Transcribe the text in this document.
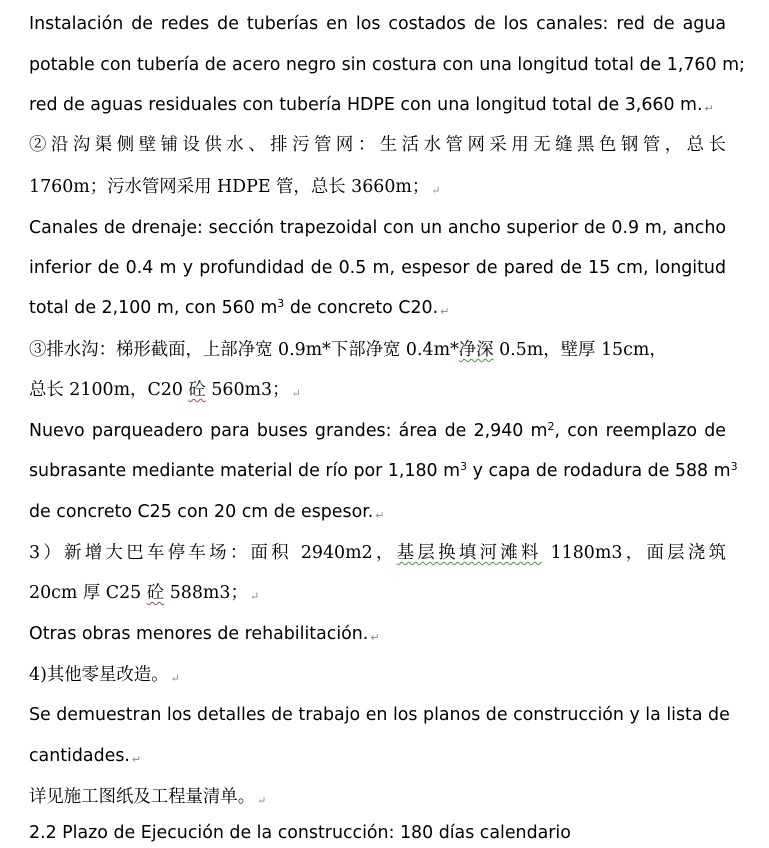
Instalación de redes de tuberías en los costados de los canales: red de agua
potable con tubería de acero negro sin costura con una longitud total de 1,760 m;
red de aguas residuales con tubería HDPE con una longitud total de 3,660 m. ↵
②沿沟渠侧壁铺设供水、排污管网：生活水管网采用无缝黑色钢管，总长
1760m；污水管网采用 HDPE 管，总长 3660m； ↵
Canales de drenaje: sección trapezoidal con un ancho superior de 0.9 m, ancho
inferior de 0.4 m y profundidad de 0.5 m, espesor de pared de 15 cm, longitud
total de 2,100 m, con 560 $m^3$ de concreto C20. ↵
③排水沟：梯形截面，上部净宽 0.9m*下部净宽 0.4m*净深 0.5m，壁厚 15cm，
总长 2100m，C20 砼 560m3； ↵
Nuevo parqueadero para buses grandes: área de 2,940 $m^2$, con reemplazo de
subrasante mediante material de río por 1,180 $m^3$ y capa de rodadura de 588 $m^3$
de concreto C25 con 20 cm de espesor. ↵
3）新增大巴车停车场：面积 2940m2，基层换填河滩料 1180m3，面层浇筑
20cm 厚 C25 砼 588m3； ↵
Otras obras menores de rehabilitación. ↵
4)其他零星改造。 ↵
Se demuestran los detalles de trabajo en los planos de construcción y la lista de
cantidades. ↵
详见施工图纸及工程量清单。 ↵
2.2 Plazo de Ejecución de la construcción: 180 días calendario
